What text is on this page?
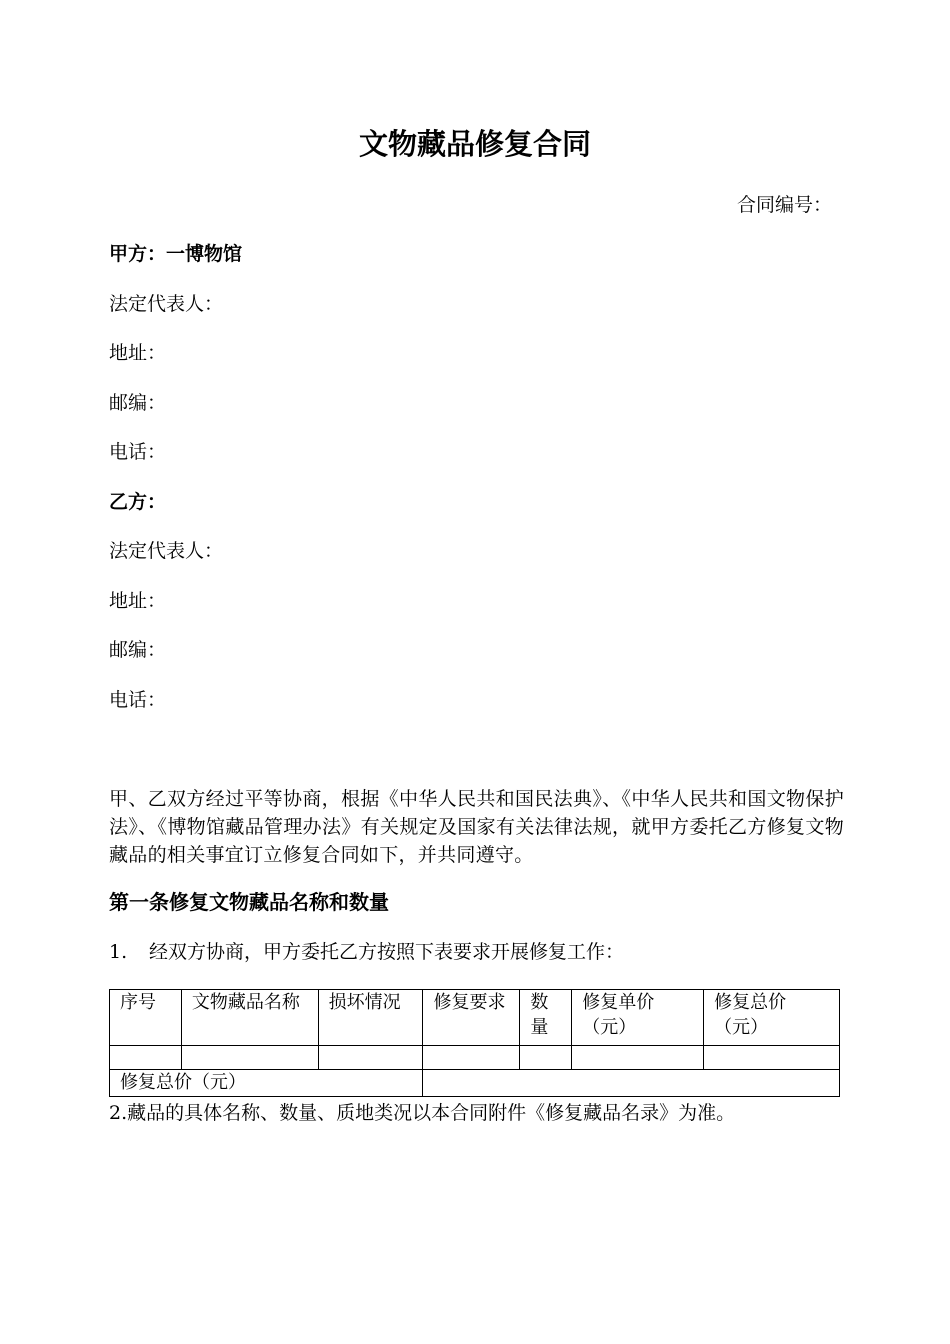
文物藏品修复合同
合同编号：
甲方：一博物馆
法定代表人：
地址：
邮编：
电话：
乙方：
法定代表人：
地址：
邮编：
电话：
甲、乙双方经过平等协商，根据《中华人民共和国民法典》、《中华人民共和国文物保护法》、《博物馆藏品管理办法》有关规定及国家有关法律法规，就甲方委托乙方修复文物藏品的相关事宜订立修复合同如下，并共同遵守。
第一条修复文物藏品名称和数量
1. 经双方协商，甲方委托乙方按照下表要求开展修复工作：
序号	文物藏品名称	损坏情况	修复要求	数量	修复单价（元）	修复总价（元）

修复总价（元）						
2.藏品的具体名称、数量、质地类况以本合同附件《修复藏品名录》为准。
